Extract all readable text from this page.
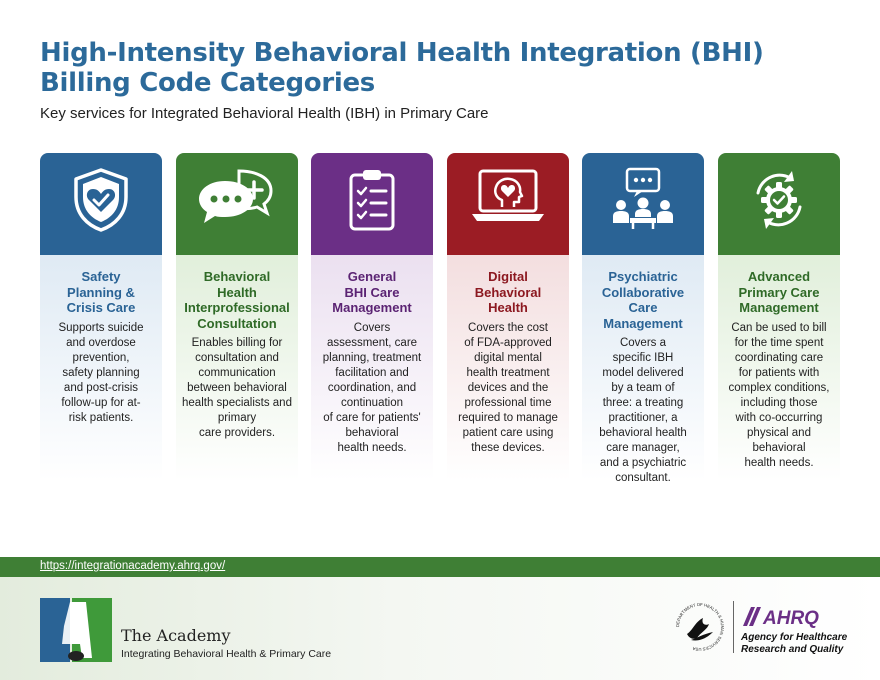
High-Intensity Behavioral Health Integration (BHI)
Billing Code Categories
Key services for Integrated Behavioral Health (IBH) in Primary Care
Safety
Planning &
Crisis Care
Supports suicide
and overdose
prevention,
safety planning
and post-crisis
follow-up for at-
risk patients.
Behavioral
Health
Interprofessional
Consultation
Enables billing for
consultation and
communication
between behavioral
health specialists and
primary
care providers.
General
BHI Care
Management
Covers
assessment, care
planning, treatment
facilitation and
coordination, and
continuation
of care for patients'
behavioral
health needs.
Digital
Behavioral
Health
Covers the cost
of FDA-approved
digital mental
health treatment
devices and the
professional time
required to manage
patient care using
these devices.
Psychiatric
Collaborative
Care
Management
Covers a
specific IBH
model delivered
by a team of
three: a treating
practitioner, a
behavioral health
care manager,
and a psychiatric
consultant.
Advanced
Primary Care
Management
Can be used to bill
for the time spent
coordinating care
for patients with
complex conditions,
including those
with co-occurring
physical and
behavioral
health needs.
https://integrationacademy.ahrq.gov/
The Academy
Integrating Behavioral Health & Primary Care
DEPARTMENT OF HEALTH & HUMAN SERVICES USA
AHRQ
Agency for Healthcare
Research and Quality
